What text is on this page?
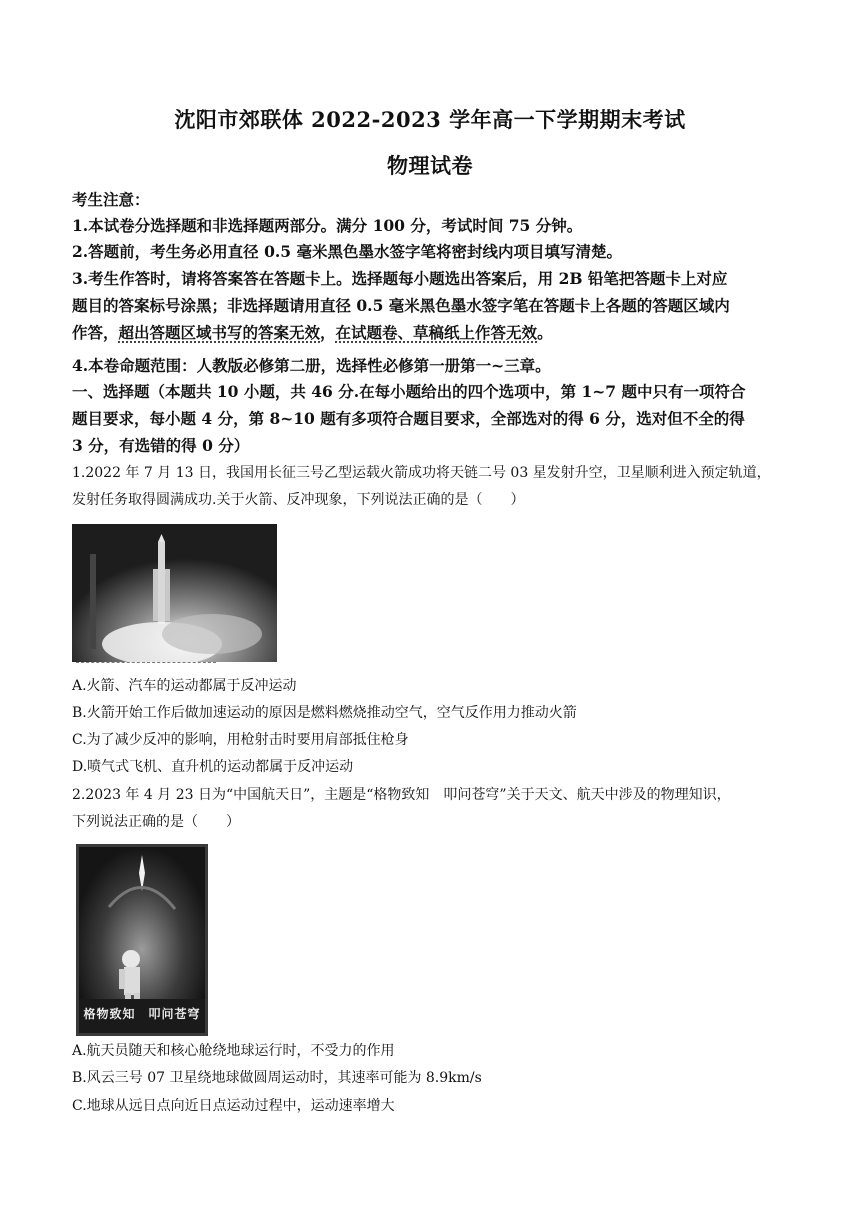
沈阳市郊联体 2022-2023 学年高一下学期期末考试
物理试卷
考生注意：
1.本试卷分选择题和非选择题两部分。满分 100 分，考试时间 75 分钟。
2.答题前，考生务必用直径 0.5 毫米黑色墨水签字笔将密封线内项目填写清楚。
3.考生作答时，请将答案答在答题卡上。选择题每小题选出答案后，用 2B 铅笔把答题卡上对应
题目的答案标号涂黑；非选择题请用直径 0.5 毫米黑色墨水签字笔在答题卡上各题的答题区域内
作答，超出答题区域书写的答案无效，在试题卷、草稿纸上作答无效。
4.本卷命题范围：人教版必修第二册，选择性必修第一册第一~三章。
一、选择题（本题共 10 小题，共 46 分.在每小题给出的四个选项中，第 1~7 题中只有一项符合
题目要求，每小题 4 分，第 8~10 题有多项符合题目要求，全部选对的得 6 分，选对但不全的得
3 分，有选错的得 0 分）
1.2022 年 7 月 13 日，我国用长征三号乙型运载火箭成功将天链二号 03 星发射升空，卫星顺利进入预定轨道，
发射任务取得圆满成功.关于火箭、反冲现象，下列说法正确的是（　　）
A.火箭、汽车的运动都属于反冲运动
B.火箭开始工作后做加速运动的原因是燃料燃烧推动空气，空气反作用力推动火箭
C.为了减少反冲的影响，用枪射击时要用肩部抵住枪身
D.喷气式飞机、直升机的运动都属于反冲运动
2.2023 年 4 月 23 日为“中国航天日”，主题是“格物致知　叩问苍穹”关于天文、航天中涉及的物理知识，
下列说法正确的是（　　）
格物致知　叩问苍穹
A.航天员随天和核心舱绕地球运行时，不受力的作用
B.风云三号 07 卫星绕地球做圆周运动时，其速率可能为 8.9km/s
C.地球从远日点向近日点运动过程中，运动速率增大
